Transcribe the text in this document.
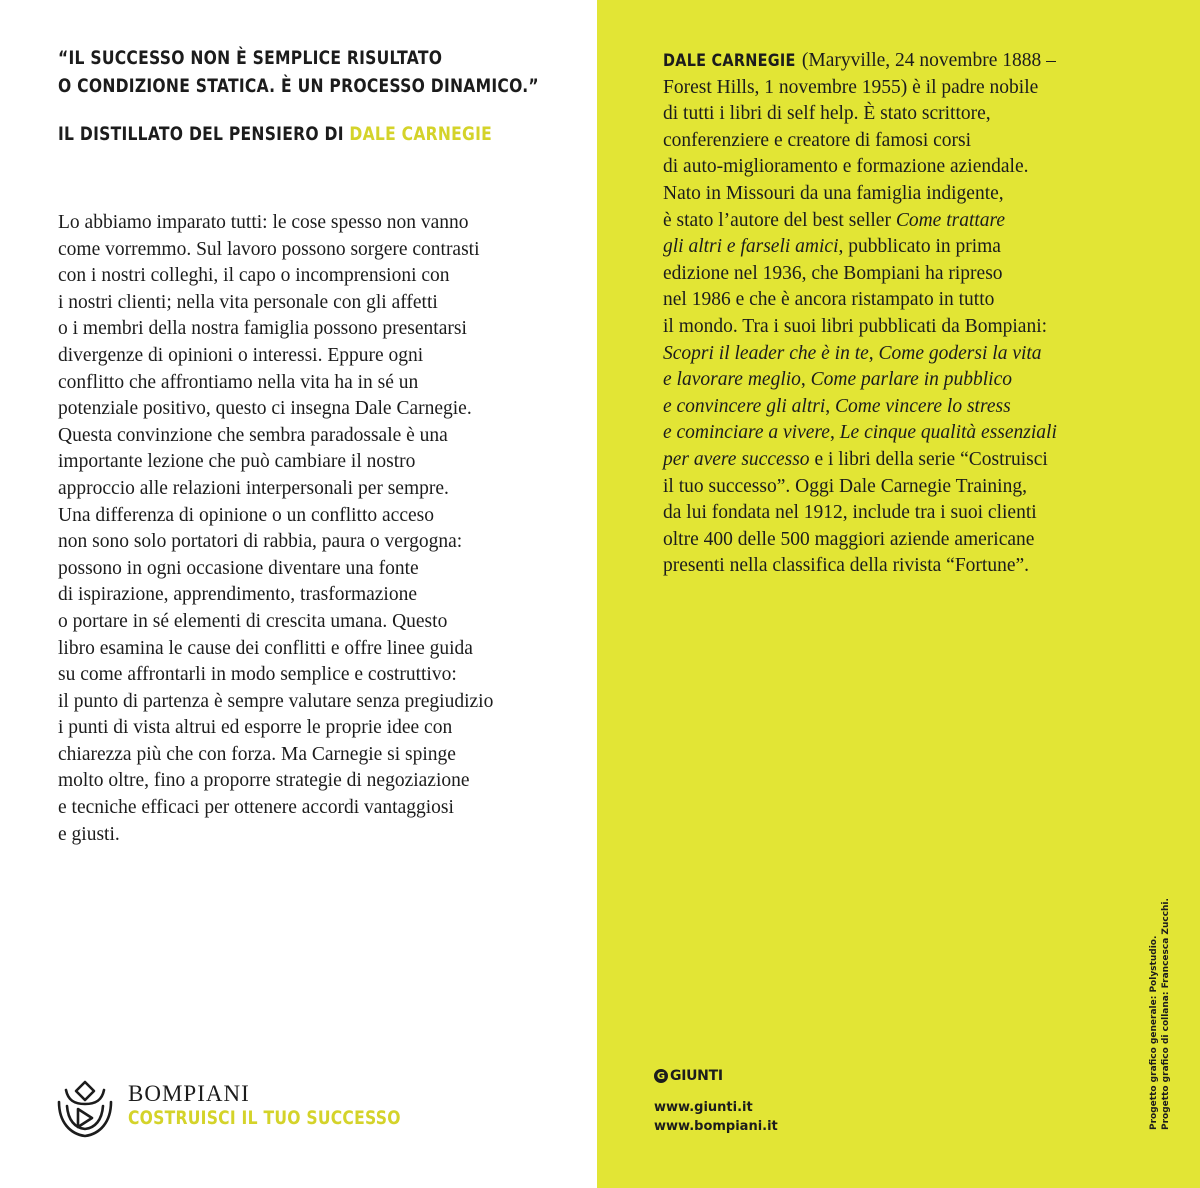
“IL SUCCESSO NON È SEMPLICE RISULTATO
O CONDIZIONE STATICA. È UN PROCESSO DINAMICO.”
IL DISTILLATO DEL PENSIERO DI DALE CARNEGIE
Lo abbiamo imparato tutti: le cose spesso non vanno
come vorremmo. Sul lavoro possono sorgere contrasti
con i nostri colleghi, il capo o incomprensioni con
i nostri clienti; nella vita personale con gli affetti
o i membri della nostra famiglia possono presentarsi
divergenze di opinioni o interessi. Eppure ogni
conflitto che affrontiamo nella vita ha in sé un
potenziale positivo, questo ci insegna Dale Carnegie.
Questa convinzione che sembra paradossale è una
importante lezione che può cambiare il nostro
approccio alle relazioni interpersonali per sempre.
Una differenza di opinione o un conflitto acceso
non sono solo portatori di rabbia, paura o vergogna:
possono in ogni occasione diventare una fonte
di ispirazione, apprendimento, trasformazione
o portare in sé elementi di crescita umana. Questo
libro esamina le cause dei conflitti e offre linee guida
su come affrontarli in modo semplice e costruttivo:
il punto di partenza è sempre valutare senza pregiudizio
i punti di vista altrui ed esporre le proprie idee con
chiarezza più che con forza. Ma Carnegie si spinge
molto oltre, fino a proporre strategie di negoziazione
e tecniche efficaci per ottenere accordi vantaggiosi
e giusti.
BOMPIANI
COSTRUISCI IL TUO SUCCESSO
DALE CARNEGIE (Maryville, 24 novembre 1888 –
Forest Hills, 1 novembre 1955) è il padre nobile
di tutti i libri di self help. È stato scrittore,
conferenziere e creatore di famosi corsi
di auto-miglioramento e formazione aziendale.
Nato in Missouri da una famiglia indigente,
è stato l’autore del best seller Come trattare
gli altri e farseli amici, pubblicato in prima
edizione nel 1936, che Bompiani ha ripreso
nel 1986 e che è ancora ristampato in tutto
il mondo. Tra i suoi libri pubblicati da Bompiani:
Scopri il leader che è in te, Come godersi la vita
e lavorare meglio, Come parlare in pubblico
e convincere gli altri, Come vincere lo stress
e cominciare a vivere, Le cinque qualità essenziali
per avere successo e i libri della serie “Costruisci
il tuo successo”. Oggi Dale Carnegie Training,
da lui fondata nel 1912, include tra i suoi clienti
oltre 400 delle 500 maggiori aziende americane
presenti nella classifica della rivista “Fortune”.
G GIUNTI
www.giunti.it
www.bompiani.it	Progetto grafico generale: Polystudio. Progetto grafico di collana: Francesca Zucchi.
